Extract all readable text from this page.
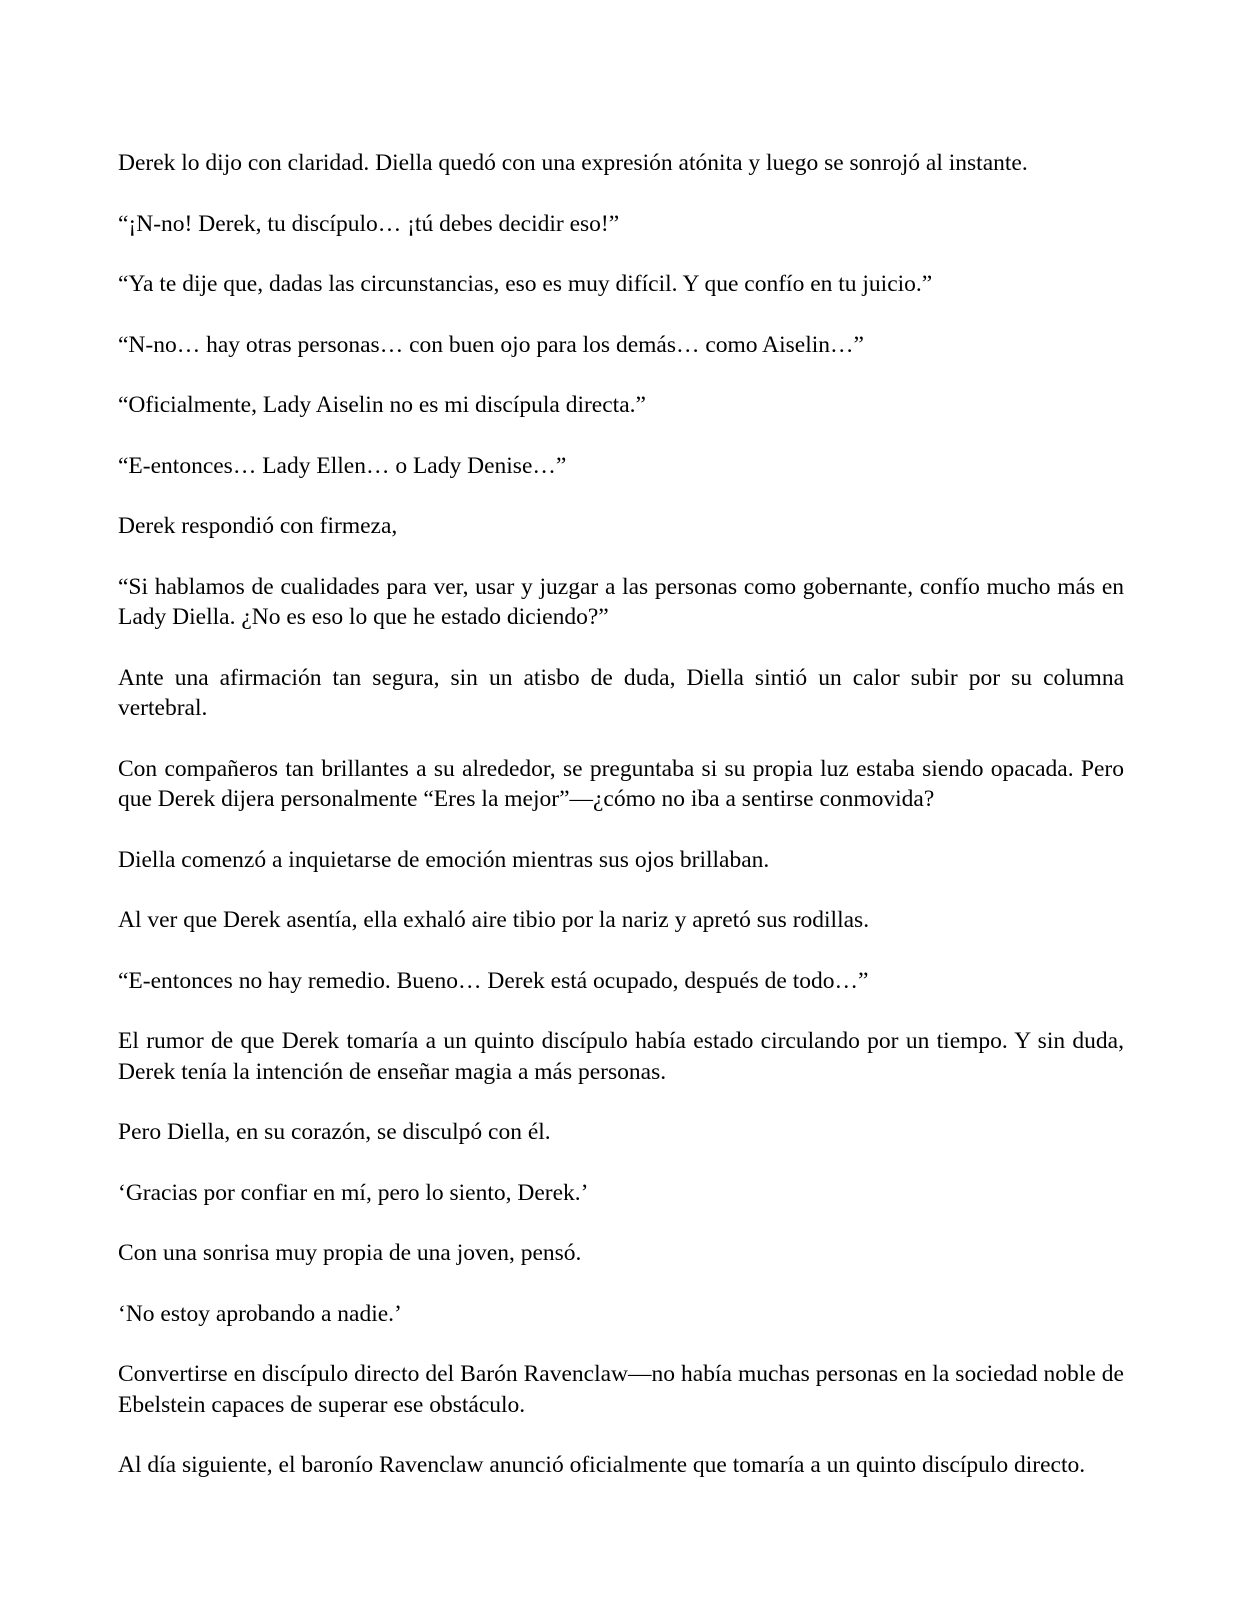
Derek lo dijo con claridad. Diella quedó con una expresión atónita y luego se sonrojó al instante.

“¡N-no! Derek, tu discípulo… ¡tú debes decidir eso!”

“Ya te dije que, dadas las circunstancias, eso es muy difícil. Y que confío en tu juicio.”

“N-no… hay otras personas… con buen ojo para los demás… como Aiselin…”

“Oficialmente, Lady Aiselin no es mi discípula directa.”

“E-entonces… Lady Ellen… o Lady Denise…”

Derek respondió con firmeza,

“Si hablamos de cualidades para ver, usar y juzgar a las personas como gobernante, confío mucho más en Lady Diella. ¿No es eso lo que he estado diciendo?”

Ante una afirmación tan segura, sin un atisbo de duda, Diella sintió un calor subir por su columna vertebral.

Con compañeros tan brillantes a su alrededor, se preguntaba si su propia luz estaba siendo opacada. Pero que Derek dijera personalmente “Eres la mejor”—¿cómo no iba a sentirse conmovida?

Diella comenzó a inquietarse de emoción mientras sus ojos brillaban.

Al ver que Derek asentía, ella exhaló aire tibio por la nariz y apretó sus rodillas.

“E-entonces no hay remedio. Bueno… Derek está ocupado, después de todo…”

El rumor de que Derek tomaría a un quinto discípulo había estado circulando por un tiempo. Y sin duda, Derek tenía la intención de enseñar magia a más personas.

Pero Diella, en su corazón, se disculpó con él.

‘Gracias por confiar en mí, pero lo siento, Derek.’

Con una sonrisa muy propia de una joven, pensó.

‘No estoy aprobando a nadie.’

Convertirse en discípulo directo del Barón Ravenclaw—no había muchas personas en la sociedad noble de Ebelstein capaces de superar ese obstáculo.

Al día siguiente, el baronío Ravenclaw anunció oficialmente que tomaría a un quinto discípulo directo.
